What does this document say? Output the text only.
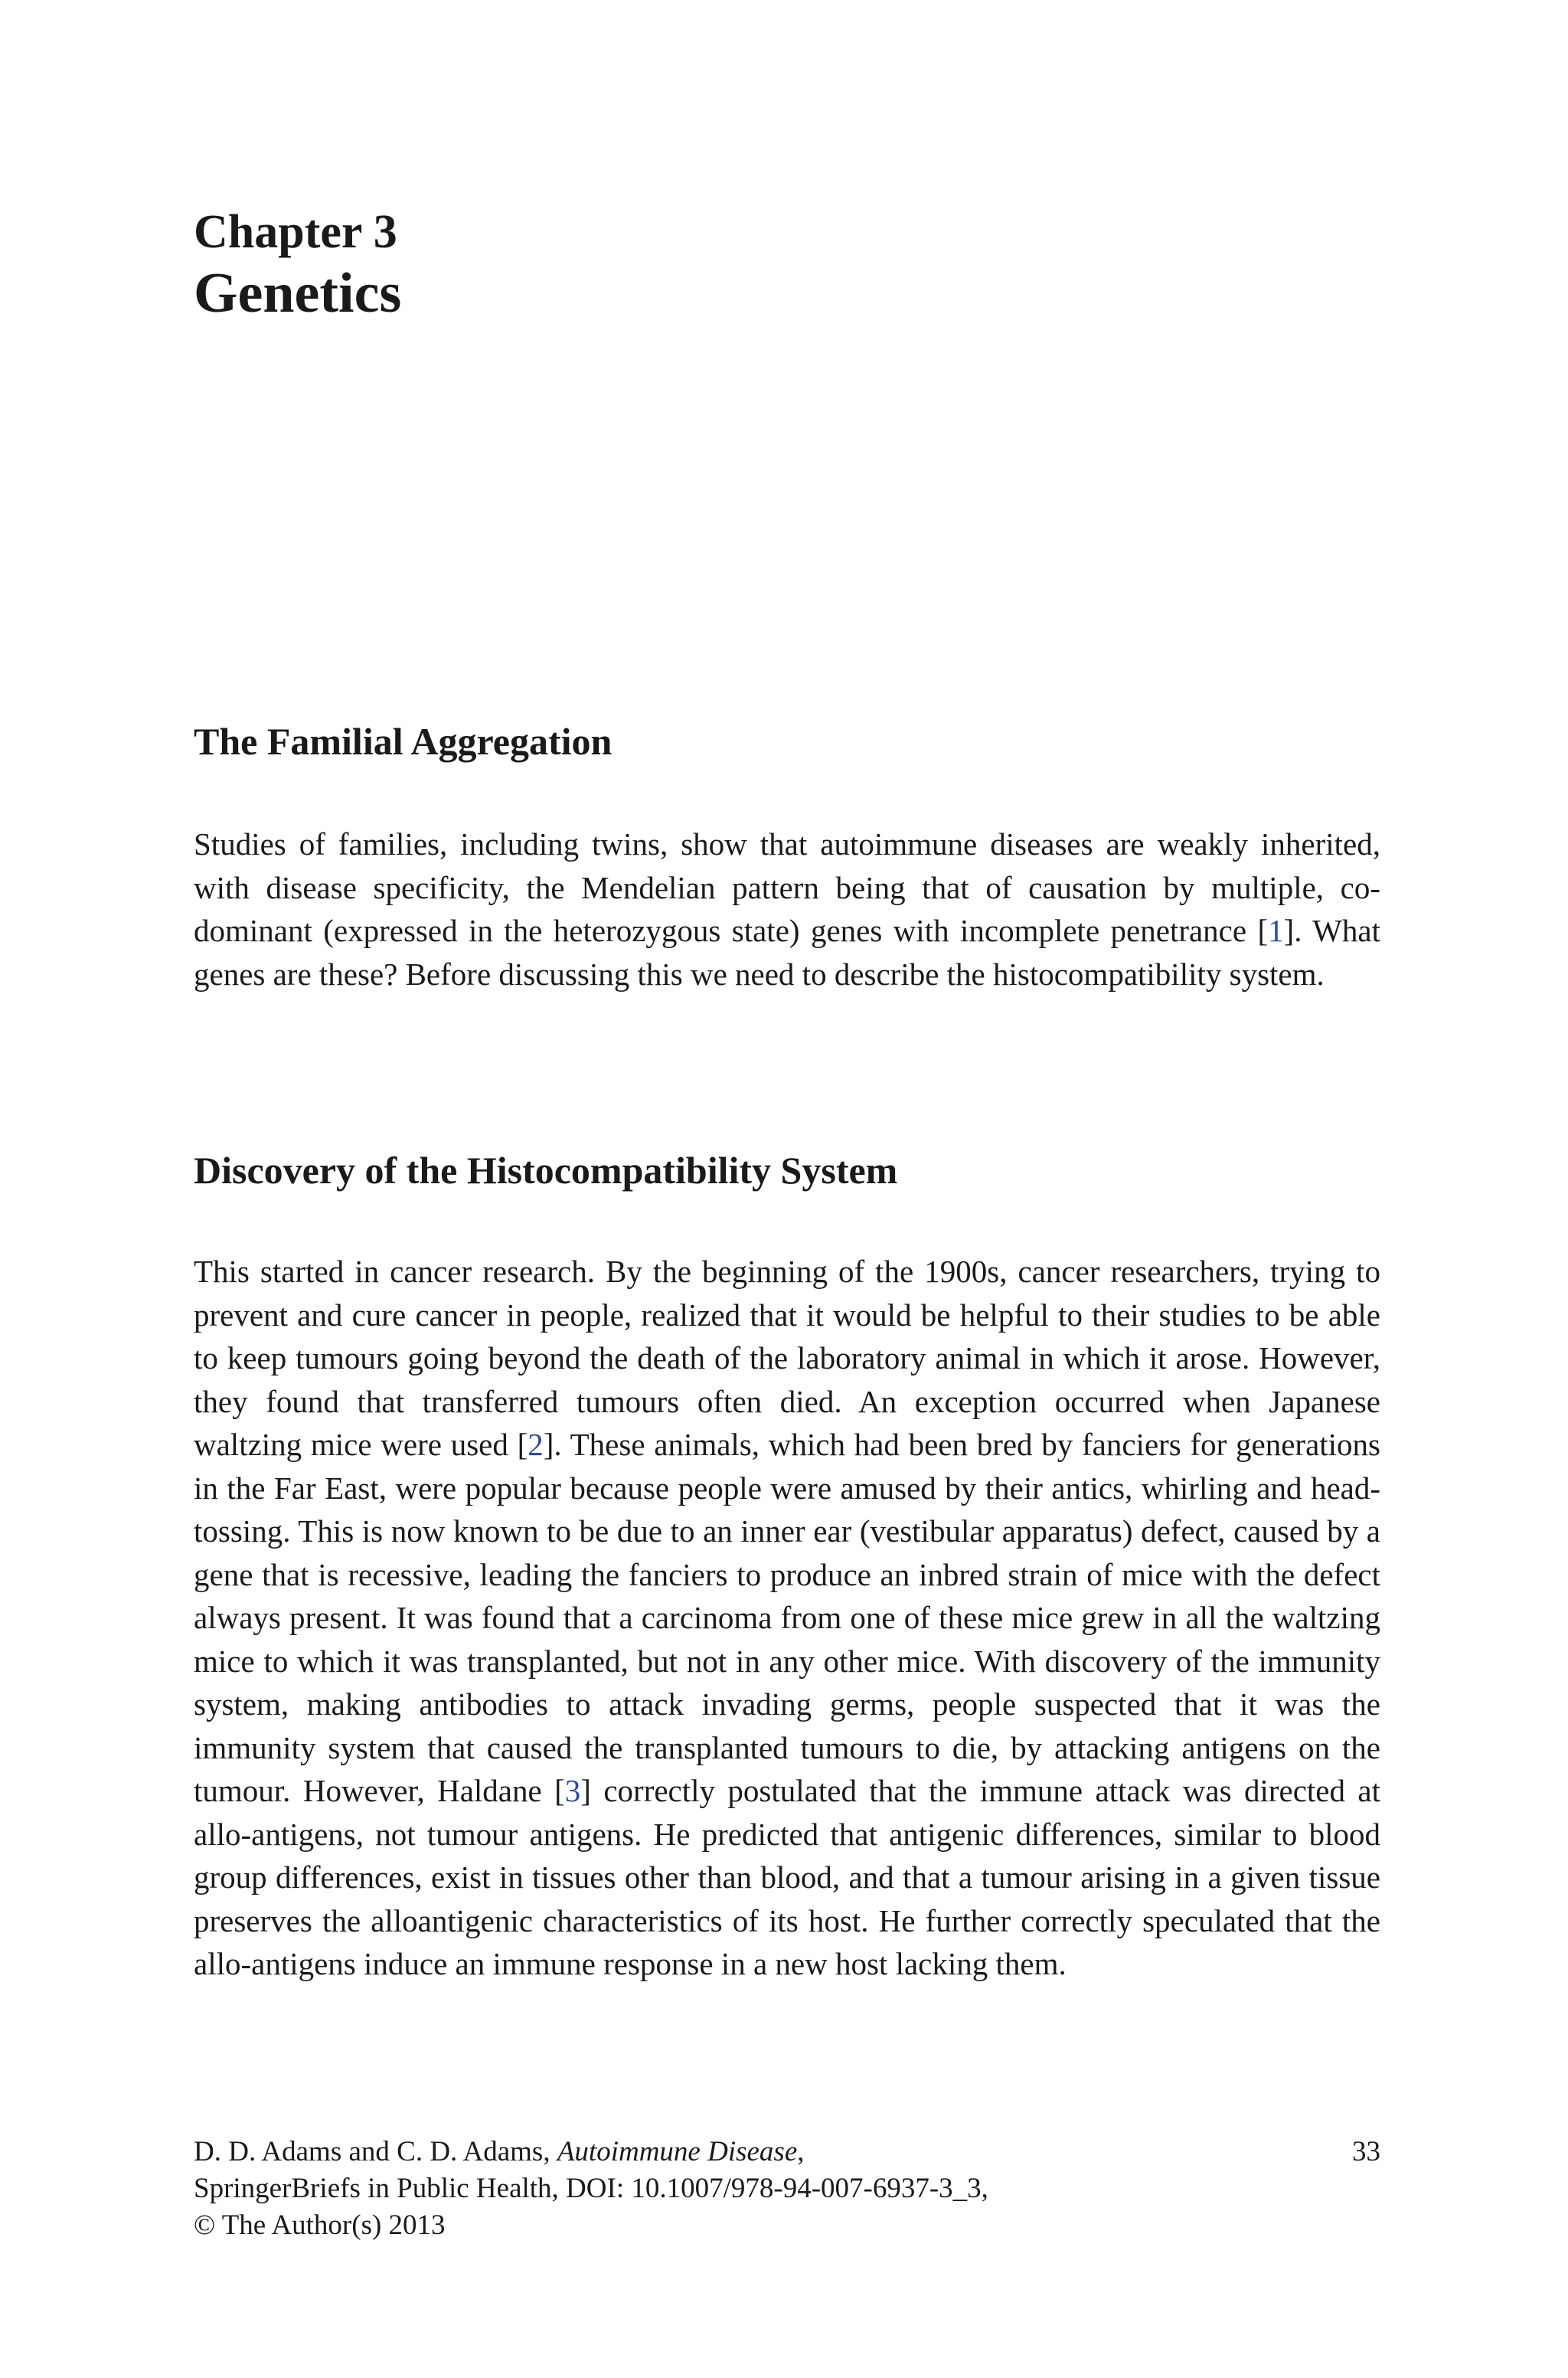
Chapter 3
Genetics
The Familial Aggregation

Studies of families, including twins, show that autoimmune diseases are weakly inherited, with disease specificity, the Mendelian pattern being that of causation by multiple, co-dominant (expressed in the heterozygous state) genes with incomplete penetrance [1]. What genes are these? Before discussing this we need to describe the histocompatibility system.

Discovery of the Histocompatibility System

This started in cancer research. By the beginning of the 1900s, cancer researchers, trying to prevent and cure cancer in people, realized that it would be helpful to their studies to be able to keep tumours going beyond the death of the laboratory animal in which it arose. However, they found that transferred tumours often died. An exception occurred when Japanese waltzing mice were used [2]. These animals, which had been bred by fanciers for generations in the Far East, were popular because people were amused by their antics, whirling and head-tossing. This is now known to be due to an inner ear (vestibular apparatus) defect, caused by a gene that is recessive, leading the fanciers to produce an inbred strain of mice with the defect always present. It was found that a carcinoma from one of these mice grew in all the waltzing mice to which it was transplanted, but not in any other mice. With discovery of the immunity system, making antibodies to attack invading germs, people suspected that it was the immunity system that caused the transplanted tumours to die, by attacking antigens on the tumour. However, Haldane [3] correctly postulated that the immune attack was directed at allo-antigens, not tumour antigens. He predicted that antigenic differences, similar to blood group differences, exist in tissues other than blood, and that a tumour arising in a given tissue preserves the alloantigenic characteristics of its host. He further correctly speculated that the allo-antigens induce an immune response in a new host lacking them.

D. D. Adams and C. D. Adams, Autoimmune Disease,
SpringerBriefs in Public Health, DOI: 10.1007/978-94-007-6937-3_3,
© The Author(s) 2013
33
